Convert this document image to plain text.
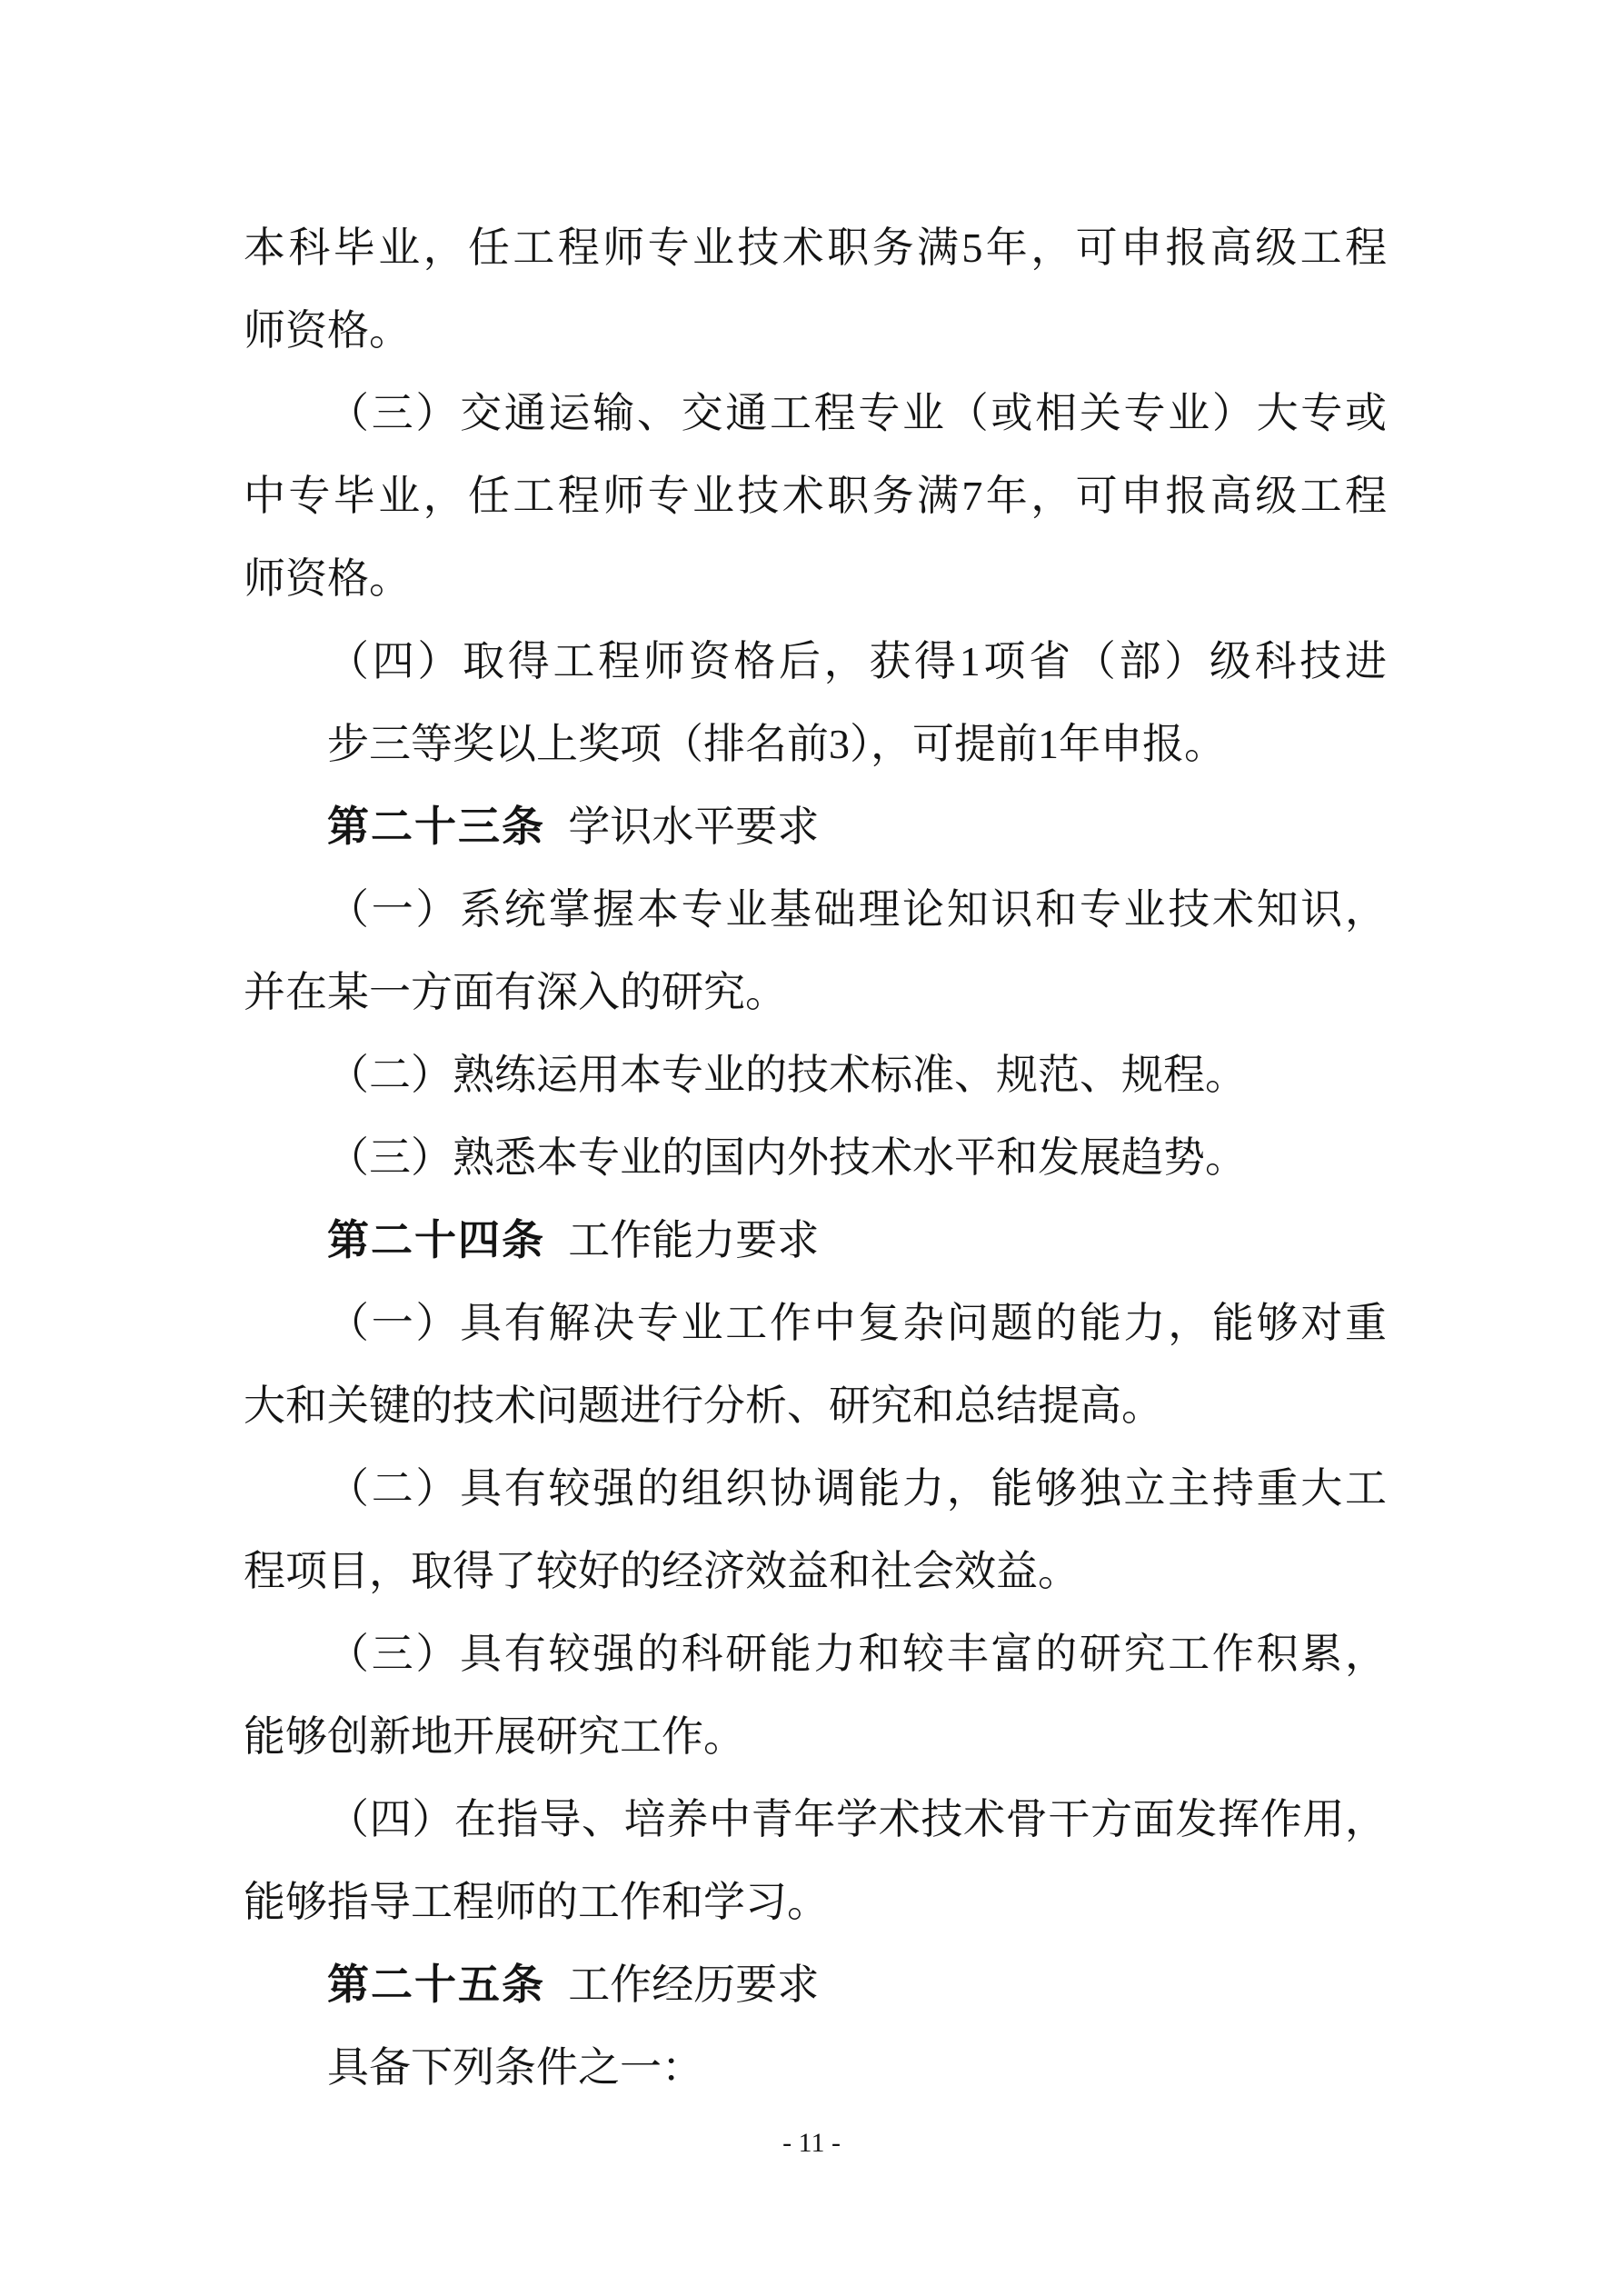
本科毕业，任工程师专业技术职务满5年，可申报高级工程

师资格。

（三）交通运输、交通工程专业（或相关专业）大专或

中专毕业，任工程师专业技术职务满7年，可申报高级工程

师资格。

（四）取得工程师资格后，获得1项省（部）级科技进

步三等奖以上奖项（排名前3），可提前1年申报。

第二十三条 学识水平要求

（一）系统掌握本专业基础理论知识和专业技术知识，

并在某一方面有深入的研究。

（二）熟练运用本专业的技术标准、规范、规程。

（三）熟悉本专业的国内外技术水平和发展趋势。

第二十四条 工作能力要求

（一）具有解决专业工作中复杂问题的能力，能够对重

大和关键的技术问题进行分析、研究和总结提高。

（二）具有较强的组织协调能力，能够独立主持重大工

程项目，取得了较好的经济效益和社会效益。

（三）具有较强的科研能力和较丰富的研究工作积累，

能够创新地开展研究工作。

（四）在指导、培养中青年学术技术骨干方面发挥作用，

能够指导工程师的工作和学习。

第二十五条 工作经历要求

具备下列条件之一：

- 11 -
